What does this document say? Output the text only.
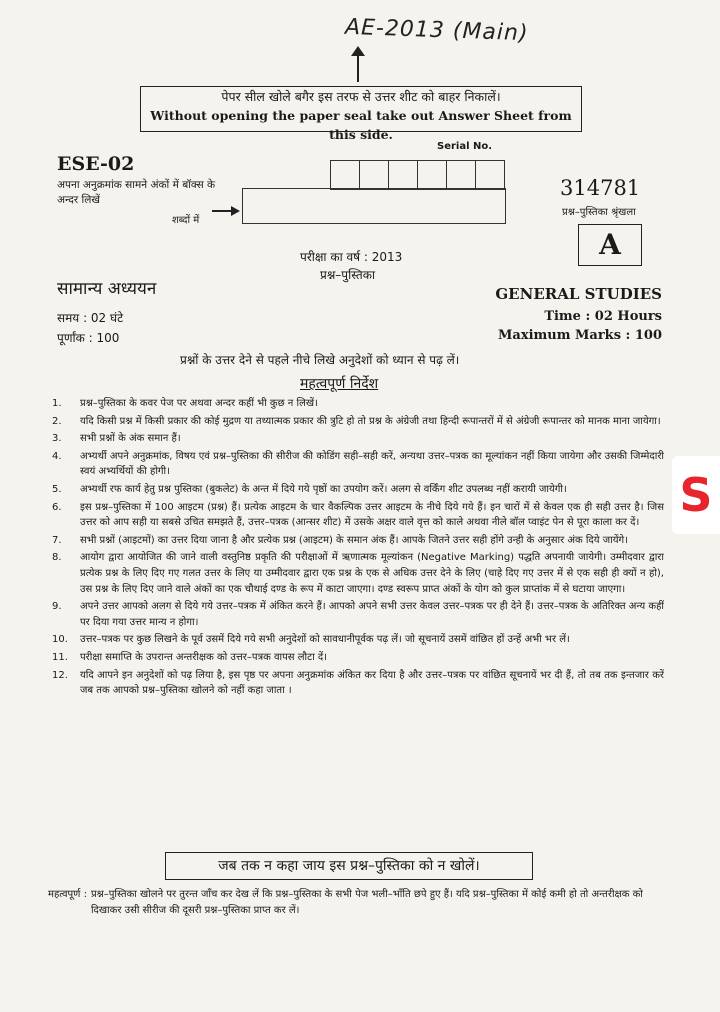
AE-2013 (Main)
पेपर सील खोले बगैर इस तरफ से उत्तर शीट को बाहर निकालें।
Without opening the paper seal take out Answer Sheet from this side.
Serial No.
ESE-02
अपना अनुक्रमांक सामने अंकों में बॉक्स के अन्दर लिखें
शब्दों में
314781
प्रश्न–पुस्तिका श्रृंखला
A
परीक्षा का वर्ष : 2013
प्रश्न–पुस्तिका
सामान्य अध्ययन	GENERAL STUDIES
समय : 02 घंटे
पूर्णांक : 100
Time : 02 Hours
Maximum Marks : 100
प्रश्नों के उत्तर देने से पहले नीचे लिखे अनुदेशों को ध्यान से पढ़ लें।
महत्वपूर्ण निर्देश
1.	प्रश्न–पुस्तिका के कवर पेज पर अथवा अन्दर कहीं भी कुछ न लिखें।
2.	यदि किसी प्रश्न में किसी प्रकार की कोई मुद्रण या तथ्यात्मक प्रकार की त्रुटि हो तो प्रश्न के अंग्रेजी तथा हिन्दी रूपान्तरों में से अंग्रेजी रूपान्तर को मानक माना जायेगा।
3.	सभी प्रश्नों के अंक समान हैं।
4.	अभ्यर्थी अपने अनुक्रमांक, विषय एवं प्रश्न–पुस्तिका की सीरीज की कोडिंग सही–सही करें, अन्यथा उत्तर–पत्रक का मूल्यांकन नहीं किया जायेगा और उसकी जिम्मेदारी स्वयं अभ्यर्थियों की होगी।
5.	अभ्यर्थी रफ कार्य हेतु प्रश्न पुस्तिका (बुकलेट) के अन्त में दिये गये पृष्ठों का उपयोग करें। अलग से वर्किंग शीट उपलब्ध नहीं करायी जायेगी।
6.	इस प्रश्न–पुस्तिका में 100 आइटम (प्रश्न) हैं। प्रत्येक आइटम के चार वैकल्पिक उत्तर आइटम के नीचे दिये गये हैं। इन चारों में से केवल एक ही सही उत्तर है। जिस उत्तर को आप सही या सबसे उचित समझते हैं, उत्तर–पत्रक (आन्सर शीट) में उसके अक्षर वाले वृत्त को काले अथवा नीले बॉल प्वाइंट पेन से पूरा काला कर दें।
7.	सभी प्रश्नों (आइटमों) का उत्तर दिया जाना है और प्रत्येक प्रश्न (आइटम) के समान अंक हैं। आपके जितने उत्तर सही होंगे उन्ही के अनुसार अंक दिये जायेंगे।
8.	आयोग द्वारा आयोजित की जाने वाली वस्तुनिष्ठ प्रकृति की परीक्षाओं में ऋणात्मक मूल्यांकन (Negative Marking) पद्धति अपनायी जायेगी। उम्मीदवार द्वारा प्रत्येक प्रश्न के लिए दिए गए गलत उत्तर के लिए या उम्मीदवार द्वारा एक प्रश्न के एक से अधिक उत्तर देने के लिए (चाहे दिए गए उत्तर में से एक सही ही क्यों न हो), उस प्रश्न के लिए दिए जाने वाले अंकों का एक चौथाई दण्ड के रूप में काटा जाएगा। दण्ड स्वरूप प्राप्त अंकों के योग को कुल प्राप्तांक में से घटाया जाएगा।
9.	अपने उत्तर आपको अलग से दिये गये उत्तर–पत्रक में अंकित करने हैं। आपको अपने सभी उत्तर केवल उत्तर–पत्रक पर ही देने हैं। उत्तर–पत्रक के अतिरिक्त अन्य कहीं पर दिया गया उत्तर मान्य न होगा।
10.	उत्तर–पत्रक पर कुछ लिखने के पूर्व उसमें दिये गये सभी अनुदेशों को सावधानीपूर्वक पढ़ लें। जो सूचनायें उसमें वांछित हों उन्हें अभी भर लें।
11.	परीक्षा समाप्ति के उपरान्त अन्तरीक्षक को उत्तर–पत्रक वापस लौटा दें।
12.	यदि आपने इन अनुदेशों को पढ़ लिया है, इस पृष्ठ पर अपना अनुक्रमांक अंकित कर दिया है और उत्तर–पत्रक पर वांछित सूचनायें भर दी हैं, तो तब तक इन्तजार करें जब तक आपको प्रश्न–पुस्तिका खोलने को नहीं कहा जाता ।
जब तक न कहा जाय इस प्रश्न–पुस्तिका को न खोलें।
महत्वपूर्ण : प्रश्न–पुस्तिका खोलने पर तुरन्त जाँच कर देख लें कि प्रश्न–पुस्तिका के सभी पेज भली–भाँति छपे हुए हैं। यदि प्रश्न–पुस्तिका में कोई कमी हो तो अन्तरीक्षक को दिखाकर उसी सीरीज की दूसरी प्रश्न–पुस्तिका प्राप्त कर लें।
S
